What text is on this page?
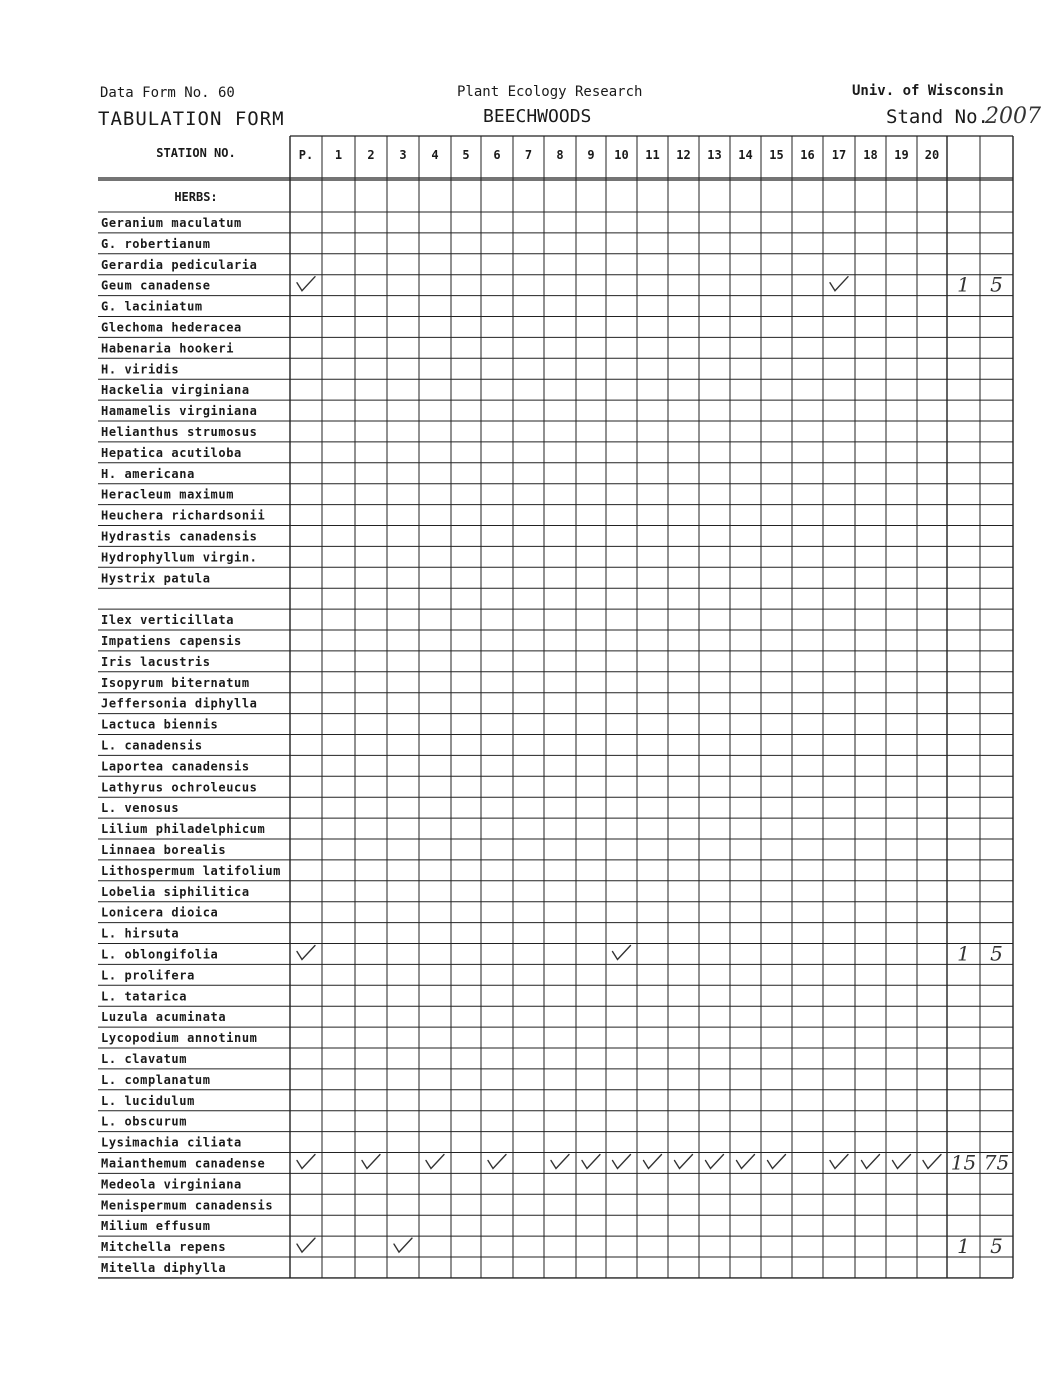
Data Form No. 60
TABULATION FORM
Plant Ecology Research
BEECHWOODS
Univ. of Wisconsin
Stand No.
2007
STATION NO.	P. 1 2 3 4 5 6 7 8 9 10 11 12 13 14 15 16 17 18 19 20
HERBS:
Geranium maculatum
G. robertianum
Gerardia pedicularia
Geum canadense
G. laciniatum
Glechoma hederacea
Habenaria hookeri
H. viridis
Hackelia virginiana
Hamamelis virginiana
Helianthus strumosus
Hepatica acutiloba
H. americana
Heracleum maximum
Heuchera richardsonii
Hydrastis canadensis
Hydrophyllum virgin.
Hystrix patula
Ilex verticillata
Impatiens capensis
Iris lacustris
Isopyrum biternatum
Jeffersonia diphylla
Lactuca biennis
L. canadensis
Laportea canadensis
Lathyrus ochroleucus
L. venosus
Lilium philadelphicum
Linnaea borealis
Lithospermum latifolium
Lobelia siphilitica
Lonicera dioica
L. hirsuta
L. oblongifolia
L. prolifera
L. tatarica
Luzula acuminata
Lycopodium annotinum
L. clavatum
L. complanatum
L. lucidulum
L. obscurum
Lysimachia ciliata
Maianthemum canadense
Medeola virginiana
Menispermum canadensis
Milium effusum
Mitchella repens
Mitella diphylla
1 5
1 5
15 75
1 5
